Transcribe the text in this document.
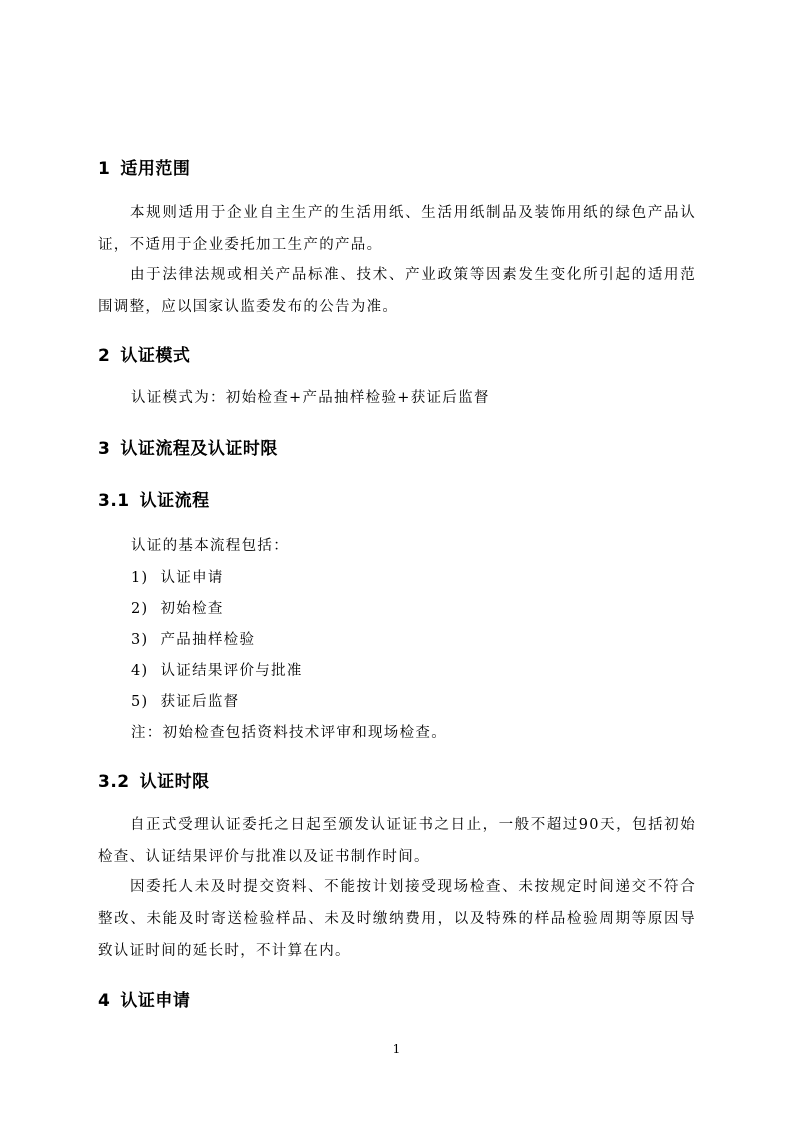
1 适用范围

本规则适用于企业自主生产的生活用纸、生活用纸制品及装饰用纸的绿色产品认证，不适用于企业委托加工生产的产品。

由于法律法规或相关产品标准、技术、产业政策等因素发生变化所引起的适用范围调整，应以国家认监委发布的公告为准。

2 认证模式

认证模式为：初始检查+产品抽样检验+获证后监督

3 认证流程及认证时限
3.1 认证流程

认证的基本流程包括：

1) 认证申请
2) 初始检查
3) 产品抽样检验
4) 认证结果评价与批准
5) 获证后监督

注：初始检查包括资料技术评审和现场检查。

3.2 认证时限

自正式受理认证委托之日起至颁发认证证书之日止，一般不超过90天，包括初始检查、认证结果评价与批准以及证书制作时间。

因委托人未及时提交资料、不能按计划接受现场检查、未按规定时间递交不符合整改、未能及时寄送检验样品、未及时缴纳费用，以及特殊的样品检验周期等原因导致认证时间的延长时，不计算在内。

4 认证申请
1
